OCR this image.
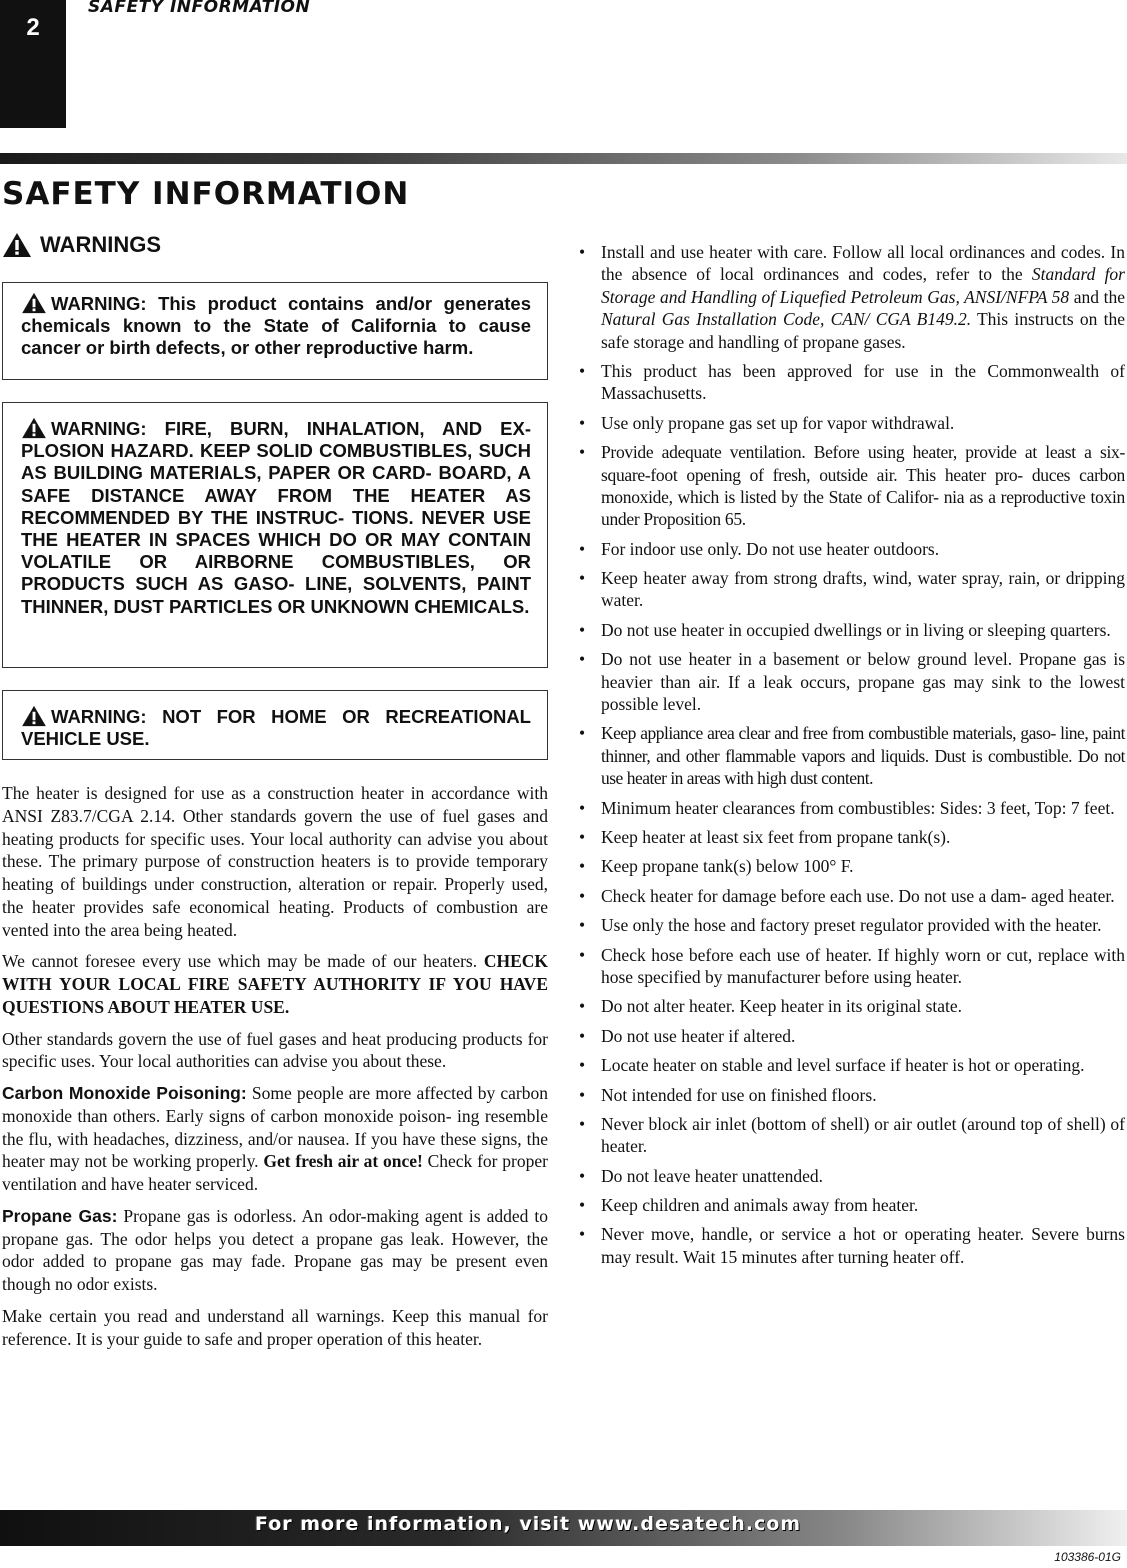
2
SAFETY INFORMATION
SAFETY INFORMATION
WARNINGS
WARNING: This product contains and/or generates chemicals known to the State of California to cause cancer or birth defects, or other reproductive harm.
WARNING: FIRE, BURN, INHALATION, AND EX- PLOSION HAZARD. KEEP SOLID COMBUSTIBLES, SUCH AS BUILDING MATERIALS, PAPER OR CARD- BOARD, A SAFE DISTANCE AWAY FROM THE HEATER AS RECOMMENDED BY THE INSTRUC- TIONS. NEVER USE THE HEATER IN SPACES WHICH DO OR MAY CONTAIN VOLATILE OR AIRBORNE COMBUSTIBLES, OR PRODUCTS SUCH AS GASO- LINE, SOLVENTS, PAINT THINNER, DUST PARTICLES OR UNKNOWN CHEMICALS.
WARNING: NOT FOR HOME OR RECREATIONAL VEHICLE USE.

The heater is designed for use as a construction heater in accordance with ANSI Z83.7/CGA 2.14. Other standards govern the use of fuel gases and heating products for specific uses. Your local authority can advise you about these. The primary purpose of construction heaters is to provide temporary heating of buildings under construction, alteration or repair. Properly used, the heater provides safe economical heating. Products of combustion are vented into the area being heated.

We cannot foresee every use which may be made of our heaters. CHECK WITH YOUR LOCAL FIRE SAFETY AUTHORITY IF YOU HAVE QUESTIONS ABOUT HEATER USE.

Other standards govern the use of fuel gases and heat producing products for specific uses. Your local authorities can advise you about these.

Carbon Monoxide Poisoning: Some people are more affected by carbon monoxide than others. Early signs of carbon monoxide poison- ing resemble the flu, with headaches, dizziness, and/or nausea. If you have these signs, the heater may not be working properly. Get fresh air at once! Check for proper ventilation and have heater serviced.

Propane Gas: Propane gas is odorless. An odor-making agent is added to propane gas. The odor helps you detect a propane gas leak. However, the odor added to propane gas may fade. Propane gas may be present even though no odor exists.

Make certain you read and understand all warnings. Keep this manual for reference. It is your guide to safe and proper operation of this heater.

• Install and use heater with care. Follow all local ordinances and codes. In the absence of local ordinances and codes, refer to the Standard for Storage and Handling of Liquefied Petroleum Gas, ANSI/NFPA 58 and the Natural Gas Installation Code, CAN/ CGA B149.2. This instructs on the safe storage and handling of propane gases.
• This product has been approved for use in the Commonwealth of Massachusetts.
• Use only propane gas set up for vapor withdrawal.
• Provide adequate ventilation. Before using heater, provide at least a six-square-foot opening of fresh, outside air. This heater pro- duces carbon monoxide, which is listed by the State of Califor- nia as a reproductive toxin under Proposition 65.
• For indoor use only. Do not use heater outdoors.
• Keep heater away from strong drafts, wind, water spray, rain, or dripping water.
• Do not use heater in occupied dwellings or in living or sleeping quarters.
• Do not use heater in a basement or below ground level. Propane gas is heavier than air. If a leak occurs, propane gas may sink to the lowest possible level.
• Keep appliance area clear and free from combustible materials, gaso- line, paint thinner, and other flammable vapors and liquids. Dust is combustible. Do not use heater in areas with high dust content.
• Minimum heater clearances from combustibles: Sides: 3 feet, Top: 7 feet.
• Keep heater at least six feet from propane tank(s).
• Keep propane tank(s) below 100° F.
• Check heater for damage before each use. Do not use a dam- aged heater.
• Use only the hose and factory preset regulator provided with the heater.
• Check hose before each use of heater. If highly worn or cut, replace with hose specified by manufacturer before using heater.
• Do not alter heater. Keep heater in its original state.
• Do not use heater if altered.
• Locate heater on stable and level surface if heater is hot or operating.
• Not intended for use on finished floors.
• Never block air inlet (bottom of shell) or air outlet (around top of shell) of heater.
• Do not leave heater unattended.
• Keep children and animals away from heater.
• Never move, handle, or service a hot or operating heater. Severe burns may result. Wait 15 minutes after turning heater off.
For more information, visit www.desatech.com
103386-01G
